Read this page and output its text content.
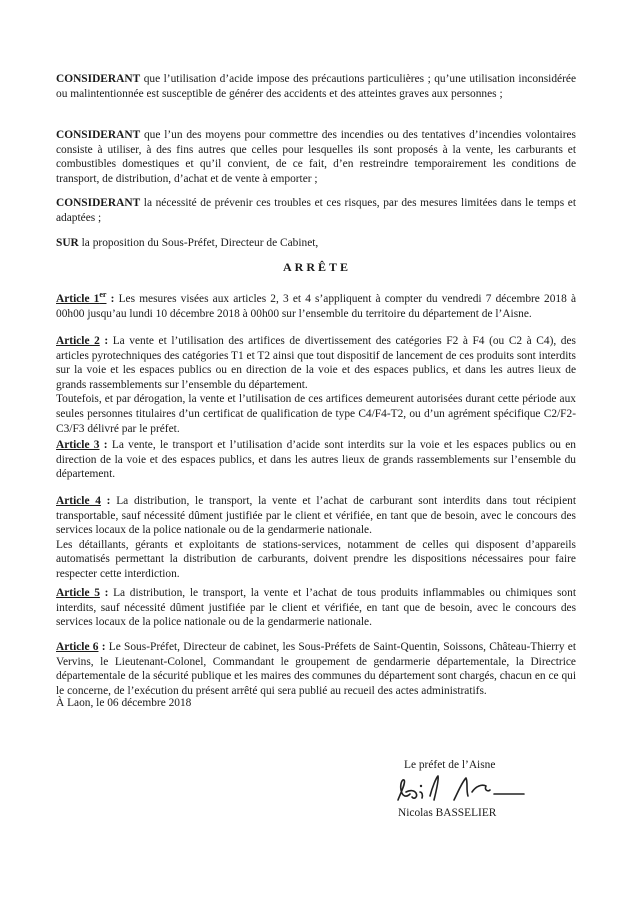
CONSIDERANT que l’utilisation d’acide impose des précautions particulières ; qu’une utilisation inconsidérée ou malintentionnée est susceptible de générer des accidents et des atteintes graves aux personnes ;

CONSIDERANT que l’un des moyens pour commettre des incendies ou des tentatives d’incendies volontaires consiste à utiliser, à des fins autres que celles pour lesquelles ils sont proposés à la vente, les carburants et combustibles domestiques et qu’il convient, de ce fait, d’en restreindre temporairement les conditions de transport, de distribution, d’achat et de vente à emporter ;

CONSIDERANT la nécessité de prévenir ces troubles et ces risques, par des mesures limitées dans le temps et adaptées ;

SUR la proposition du Sous-Préfet, Directeur de Cabinet,

ARRÊTE

Article 1er : Les mesures visées aux articles 2, 3 et 4 s’appliquent à compter du vendredi 7 décembre 2018 à 00h00 jusqu’au lundi 10 décembre 2018 à 00h00 sur l’ensemble du territoire du département de l’Aisne.

Article 2 : La vente et l’utilisation des artifices de divertissement des catégories F2 à F4 (ou C2 à C4), des articles pyrotechniques des catégories T1 et T2 ainsi que tout dispositif de lancement de ces produits sont interdits sur la voie et les espaces publics ou en direction de la voie et des espaces publics, et dans les autres lieux de grands rassemblements sur l’ensemble du département.
Toutefois, et par dérogation, la vente et l’utilisation de ces artifices demeurent autorisées durant cette période aux seules personnes titulaires d’un certificat de qualification de type C4/F4-T2, ou d’un agrément spécifique C2/F2-C3/F3 délivré par le préfet.

Article 3 : La vente, le transport et l’utilisation d’acide sont interdits sur la voie et les espaces publics ou en direction de la voie et des espaces publics, et dans les autres lieux de grands rassemblements sur l’ensemble du département.

Article 4 : La distribution, le transport, la vente et l’achat de carburant sont interdits dans tout récipient transportable, sauf nécessité dûment justifiée par le client et vérifiée, en tant que de besoin, avec le concours des services locaux de la police nationale ou de la gendarmerie nationale.
Les détaillants, gérants et exploitants de stations-services, notamment de celles qui disposent d’appareils automatisés permettant la distribution de carburants, doivent prendre les dispositions nécessaires pour faire respecter cette interdiction.

Article 5 : La distribution, le transport, la vente et l’achat de tous produits inflammables ou chimiques sont interdits, sauf nécessité dûment justifiée par le client et vérifiée, en tant que de besoin, avec le concours des services locaux de la police nationale ou de la gendarmerie nationale.

Article 6 : Le Sous-Préfet, Directeur de cabinet, les Sous-Préfets de Saint-Quentin, Soissons, Château-Thierry et Vervins, le Lieutenant-Colonel, Commandant le groupement de gendarmerie départementale, la Directrice départementale de la sécurité publique et les maires des communes du département sont chargés, chacun en ce qui le concerne, de l’exécution du présent arrêté qui sera publié au recueil des actes administratifs.

À Laon, le 06 décembre 2018
Le préfet de l’Aisne
Nicolas BASSELIER
